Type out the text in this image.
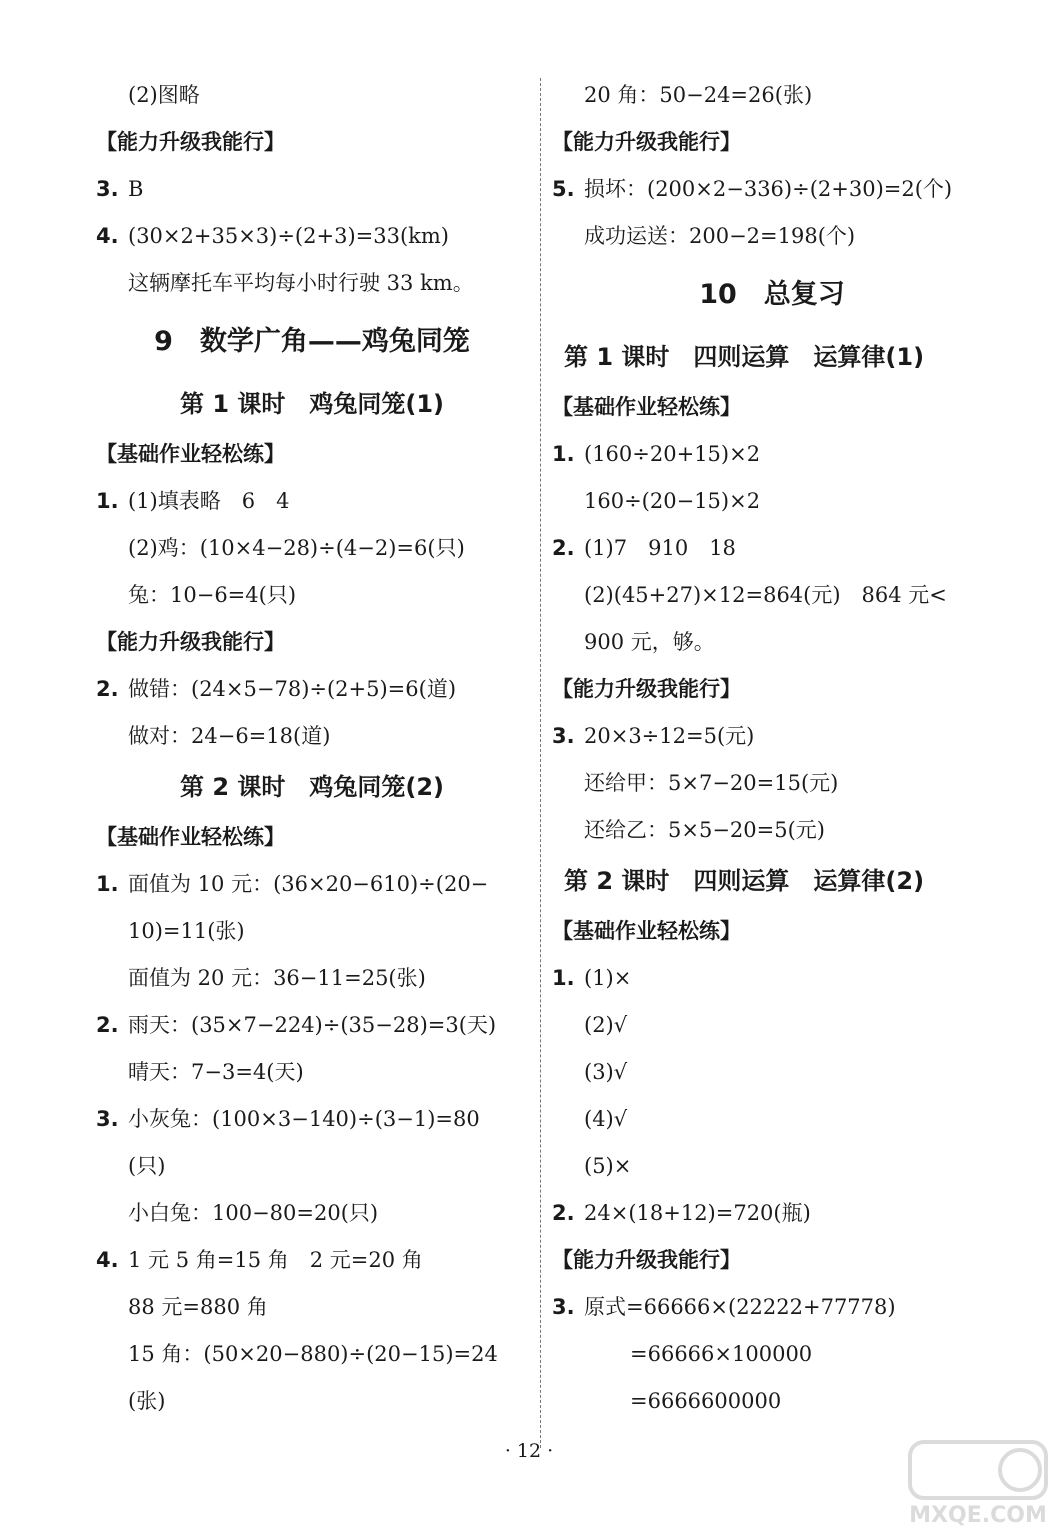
(2)图略
【能力升级我能行】
3. B
4. (30×2+35×3)÷(2+3)=33(km)
这辆摩托车平均每小时行驶 33 km。
9　数学广角——鸡兔同笼
第 1 课时　鸡兔同笼(1)
【基础作业轻松练】
1. (1)填表略　6　4
(2)鸡：(10×4−28)÷(4−2)=6(只)
兔：10−6=4(只)
【能力升级我能行】
2. 做错：(24×5−78)÷(2+5)=6(道)
做对：24−6=18(道)
第 2 课时　鸡兔同笼(2)
【基础作业轻松练】
1. 面值为 10 元：(36×20−610)÷(20−
10)=11(张)
面值为 20 元：36−11=25(张)
2. 雨天：(35×7−224)÷(35−28)=3(天)
晴天：7−3=4(天)
3. 小灰兔：(100×3−140)÷(3−1)=80
(只)
小白兔：100−80=20(只)
4. 1 元 5 角=15 角　2 元=20 角
88 元=880 角
15 角：(50×20−880)÷(20−15)=24
(张)
20 角：50−24=26(张)
【能力升级我能行】
5. 损坏：(200×2−336)÷(2+30)=2(个)
成功运送：200−2=198(个)
10　总复习
第 1 课时　四则运算　运算律(1)
【基础作业轻松练】
1. (160÷20+15)×2
160÷(20−15)×2
2. (1)7　910　18
(2)(45+27)×12=864(元)　864 元<
900 元，够。
【能力升级我能行】
3. 20×3÷12=5(元)
还给甲：5×7−20=15(元)
还给乙：5×5−20=5(元)
第 2 课时　四则运算　运算律(2)
【基础作业轻松练】
1. (1)×
(2)√
(3)√
(4)√
(5)×
2. 24×(18+12)=720(瓶)
【能力升级我能行】
3. 原式=66666×(22222+77778)
=66666×100000
=6666600000
· 12 ·
MXQE.COM
